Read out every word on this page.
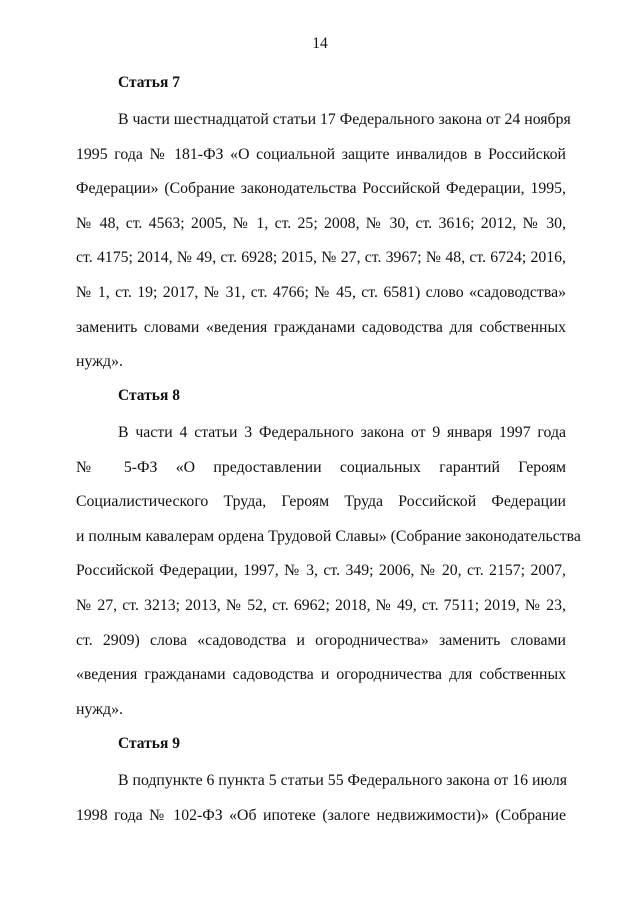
14
Статья 7
В части шестнадцатой статьи 17 Федерального закона от 24 ноября
1995 года № 181-ФЗ «О социальной защите инвалидов в Российской
Федерации» (Собрание законодательства Российской Федерации, 1995,
№ 48, ст. 4563; 2005, № 1, ст. 25; 2008, № 30, ст. 3616; 2012, № 30,
ст. 4175; 2014, № 49, ст. 6928; 2015, № 27, ст. 3967; № 48, ст. 6724; 2016,
№ 1, ст. 19; 2017, № 31, ст. 4766; № 45, ст. 6581) слово «садоводства»
заменить словами «ведения гражданами садоводства для собственных
нужд».
Статья 8
В части 4 статьи 3 Федерального закона от 9 января 1997 года
№ 5-ФЗ «О предоставлении социальных гарантий Героям
Социалистического Труда, Героям Труда Российской Федерации
и полным кавалерам ордена Трудовой Славы» (Собрание законодательства
Российской Федерации, 1997, № 3, ст. 349; 2006, № 20, ст. 2157; 2007,
№ 27, ст. 3213; 2013, № 52, ст. 6962; 2018, № 49, ст. 7511; 2019, № 23,
ст. 2909) слова «садоводства и огородничества» заменить словами
«ведения гражданами садоводства и огородничества для собственных
нужд».
Статья 9
В подпункте 6 пункта 5 статьи 55 Федерального закона от 16 июля
1998 года № 102-ФЗ «Об ипотеке (залоге недвижимости)» (Собрание
